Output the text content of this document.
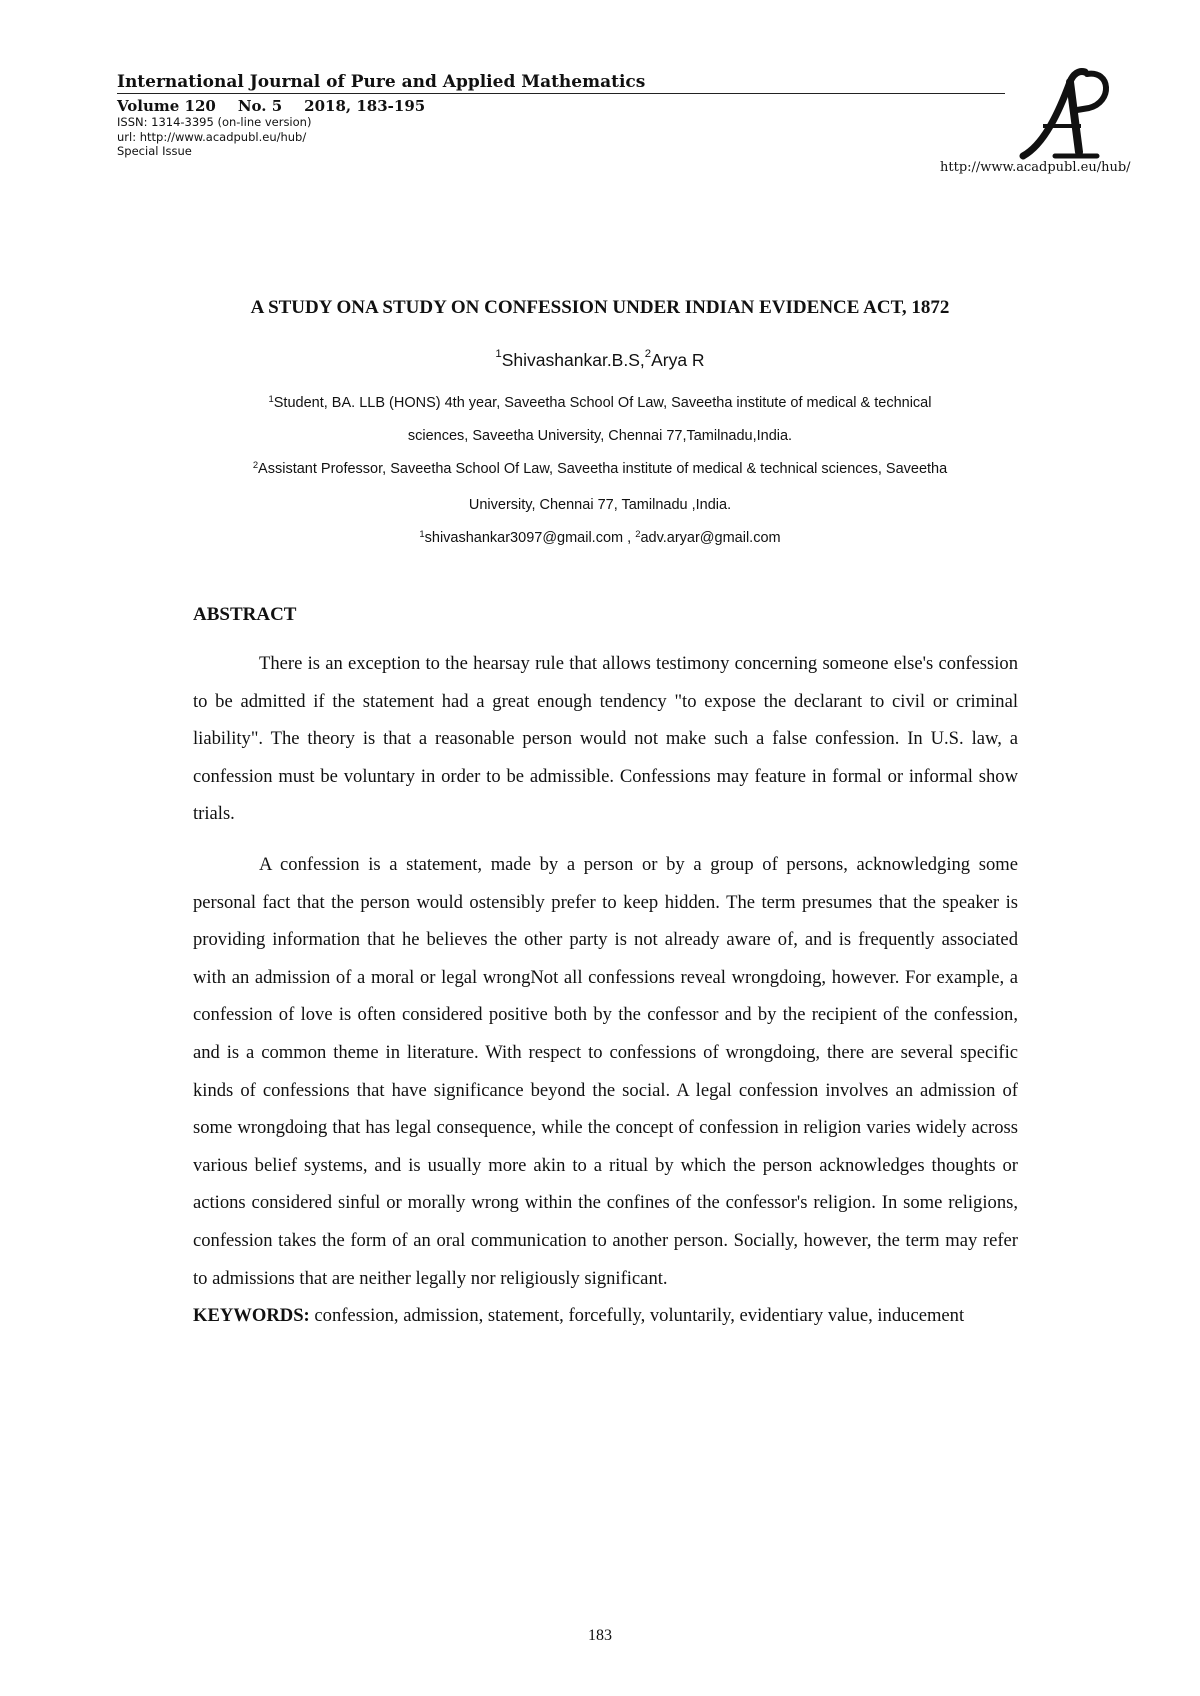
International Journal of Pure and Applied Mathematics
Volume 120 No. 5 2018, 183-195
ISSN: 1314-3395 (on-line version)
url: http://www.acadpubl.eu/hub/
Special Issue
http://www.acadpubl.eu/hub/
A STUDY ONA STUDY ON CONFESSION UNDER INDIAN EVIDENCE ACT, 1872
$^1$Shivashankar.B.S,$^2$Arya R
$^1$Student, BA. LLB (HONS) 4th year, Saveetha School Of Law, Saveetha institute of medical & technical
sciences, Saveetha University, Chennai 77,Tamilnadu,India.
$^2$Assistant Professor, Saveetha School Of Law, Saveetha institute of medical & technical sciences, Saveetha
University, Chennai 77, Tamilnadu ,India.
$^1$shivashankar3097@gmail.com , $^2$adv.aryar@gmail.com
ABSTRACT
There is an exception to the hearsay rule that allows testimony concerning someone else's confession to be admitted if the statement had a great enough tendency "to expose the declarant to civil or criminal liability". The theory is that a reasonable person would not make such a false confession. In U.S. law, a confession must be voluntary in order to be admissible. Confessions may feature in formal or informal show trials.
A confession is a statement, made by a person or by a group of persons, acknowledging some personal fact that the person would ostensibly prefer to keep hidden. The term presumes that the speaker is providing information that he believes the other party is not already aware of, and is frequently associated with an admission of a moral or legal wrongNot all confessions reveal wrongdoing, however. For example, a confession of love is often considered positive both by the confessor and by the recipient of the confession, and is a common theme in literature. With respect to confessions of wrongdoing, there are several specific kinds of confessions that have significance beyond the social. A legal confession involves an admission of some wrongdoing that has legal consequence, while the concept of confession in religion varies widely across various belief systems, and is usually more akin to a ritual by which the person acknowledges thoughts or actions considered sinful or morally wrong within the confines of the confessor's religion. In some religions, confession takes the form of an oral communication to another person. Socially, however, the term may refer to admissions that are neither legally nor religiously significant.
KEYWORDS: confession, admission, statement, forcefully, voluntarily, evidentiary value, inducement
183
